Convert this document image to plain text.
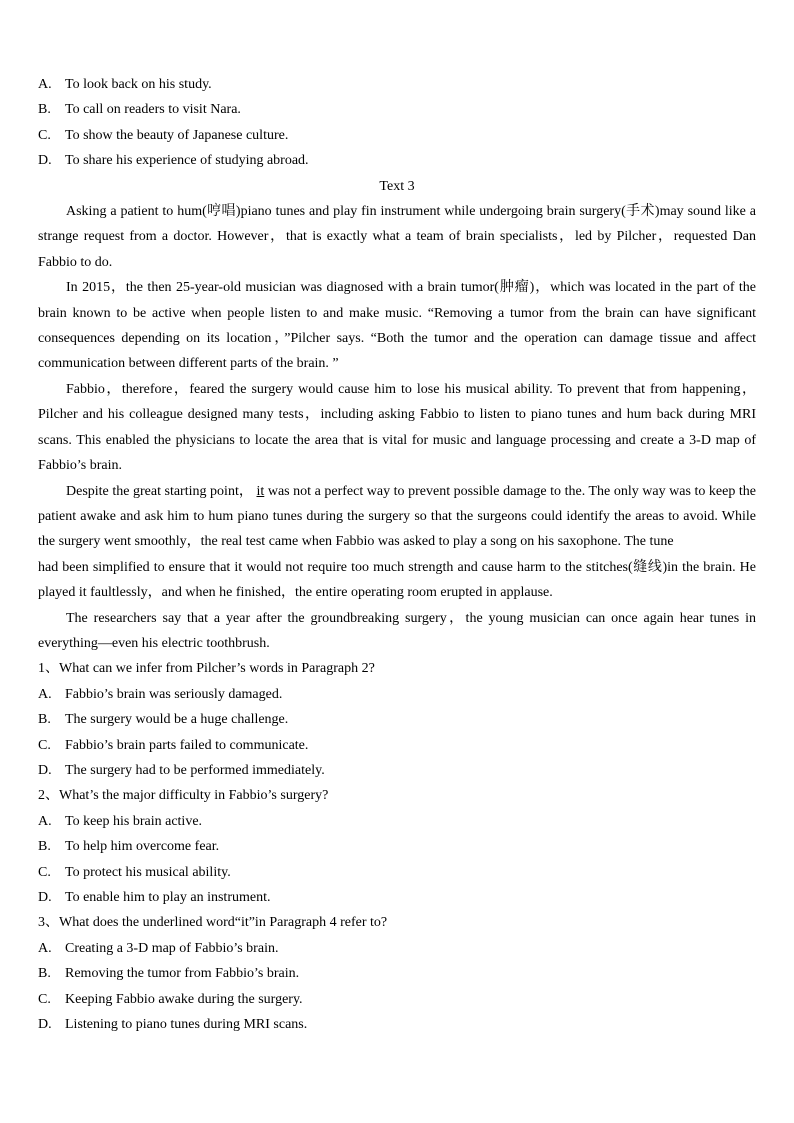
A. To look back on his study.
B. To call on readers to visit Nara.
C. To show the beauty of Japanese culture.
D. To share his experience of studying abroad.
Text 3
Asking a patient to hum(哼唱)piano tunes and play fin instrument while undergoing brain surgery(手术)may sound like a strange request from a doctor. However，that is exactly what a team of brain specialists，led by Pilcher，requested Dan Fabbio to do.
In 2015，the then 25-year-old musician was diagnosed with a brain tumor(肿瘤)，which was located in the part of the brain known to be active when people listen to and make music. “Removing a tumor from the brain can have significant consequences depending on its location，”Pilcher says. “Both the tumor and the operation can damage tissue and affect communication between different parts of the brain. ”
Fabbio，therefore，feared the surgery would cause him to lose his musical ability. To prevent that from happening，Pilcher and his colleague designed many tests，including asking Fabbio to listen to piano tunes and hum back during MRI scans. This enabled the physicians to locate the area that is vital for music and language processing and create a 3-D map of Fabbio’s brain.
Despite the great starting point， it was not a perfect way to prevent possible damage to the. The only way was to keep the patient awake and ask him to hum piano tunes during the surgery so that the surgeons could identify the areas to avoid. While the surgery went smoothly，the real test came when Fabbio was asked to play a song on his saxophone. The tune
had been simplified to ensure that it would not require too much strength and cause harm to the stitches(缝线)in the brain. He played it faultlessly，and when he finished，the entire operating room erupted in applause.
The researchers say that a year after the groundbreaking surgery，the young musician can once again hear tunes in everything—even his electric toothbrush.
1、What can we infer from Pilcher’s words in Paragraph 2?
A. Fabbio’s brain was seriously damaged.
B. The surgery would be a huge challenge.
C. Fabbio’s brain parts failed to communicate.
D. The surgery had to be performed immediately.
2、What’s the major difficulty in Fabbio’s surgery?
A. To keep his brain active.
B. To help him overcome fear.
C. To protect his musical ability.
D. To enable him to play an instrument.
3、What does the underlined word“it”in Paragraph 4 refer to?
A. Creating a 3-D map of Fabbio’s brain.
B. Removing the tumor from Fabbio’s brain.
C. Keeping Fabbio awake during the surgery.
D. Listening to piano tunes during MRI scans.
